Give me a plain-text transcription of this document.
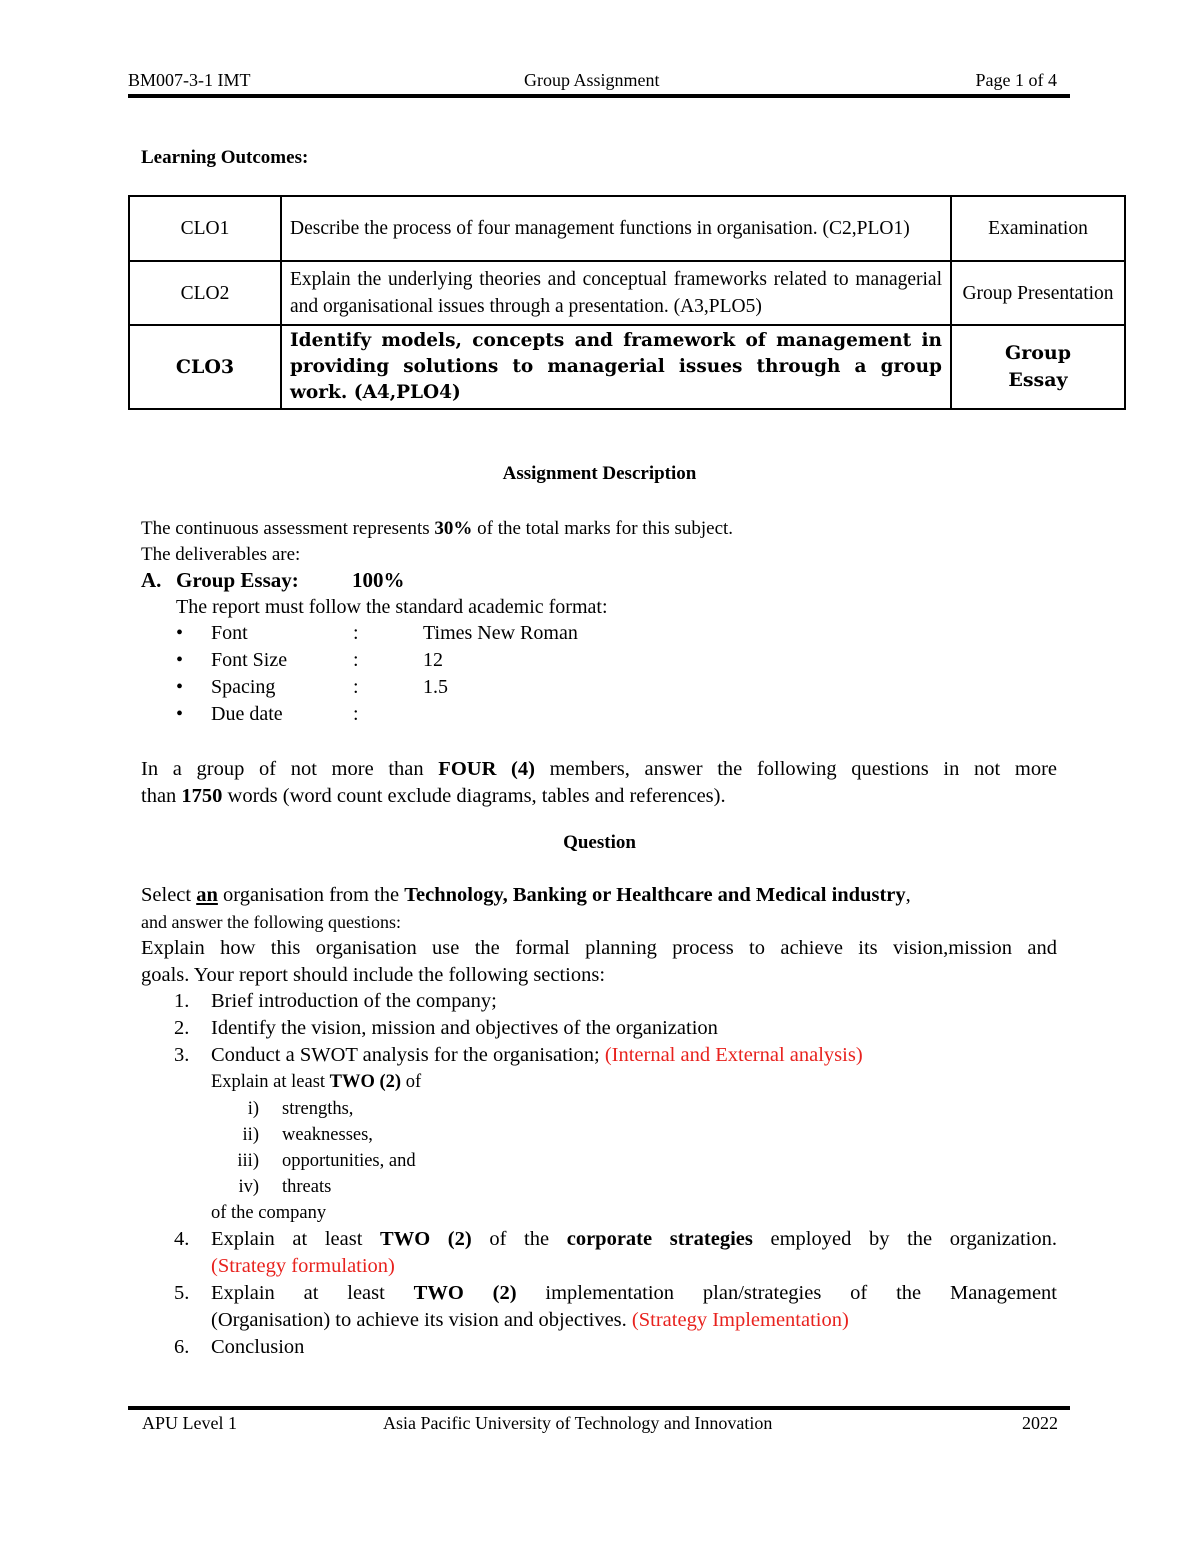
BM007-3-1 IMT	Group Assignment	Page 1 of 4
Learning Outcomes:
CLO1	Describe the process of four management functions in organisation. (C2,PLO1)	Examination
CLO2	Explain the underlying theories and conceptual frameworks related to managerial and organisational issues through a presentation. (A3,PLO5)	Group Presentation
CLO3	Identify models, concepts and framework of management in providing solutions to managerial issues through a group work. (A4,PLO4)	Group Essay
Assignment Description
The continuous assessment represents 30% of the total marks for this subject.
The deliverables are:
A. Group Essay:	100%
The report must follow the standard academic format:
• Font	:	Times New Roman
• Font Size	:	12
• Spacing	:	1.5
• Due date	:
In a group of not more than FOUR (4) members, answer the following questions in not more
than 1750 words (word count exclude diagrams, tables and references).
Question
Select an organisation from the Technology, Banking or Healthcare and Medical industry,
and answer the following questions:
Explain how this organisation use the formal planning process to achieve its vision,mission and
goals. Your report should include the following sections:
1. Brief introduction of the company;
2. Identify the vision, mission and objectives of the organization
3. Conduct a SWOT analysis for the organisation; (Internal and External analysis)
Explain at least TWO (2) of
i) strengths,
ii) weaknesses,
iii) opportunities, and
iv) threats
of the company
4. Explain at least TWO (2) of the corporate strategies employed by the organization.
(Strategy formulation)
5. Explain at least TWO (2) implementation plan/strategies of the Management
(Organisation) to achieve its vision and objectives. (Strategy Implementation)
6. Conclusion
APU Level 1	Asia Pacific University of Technology and Innovation	2022
